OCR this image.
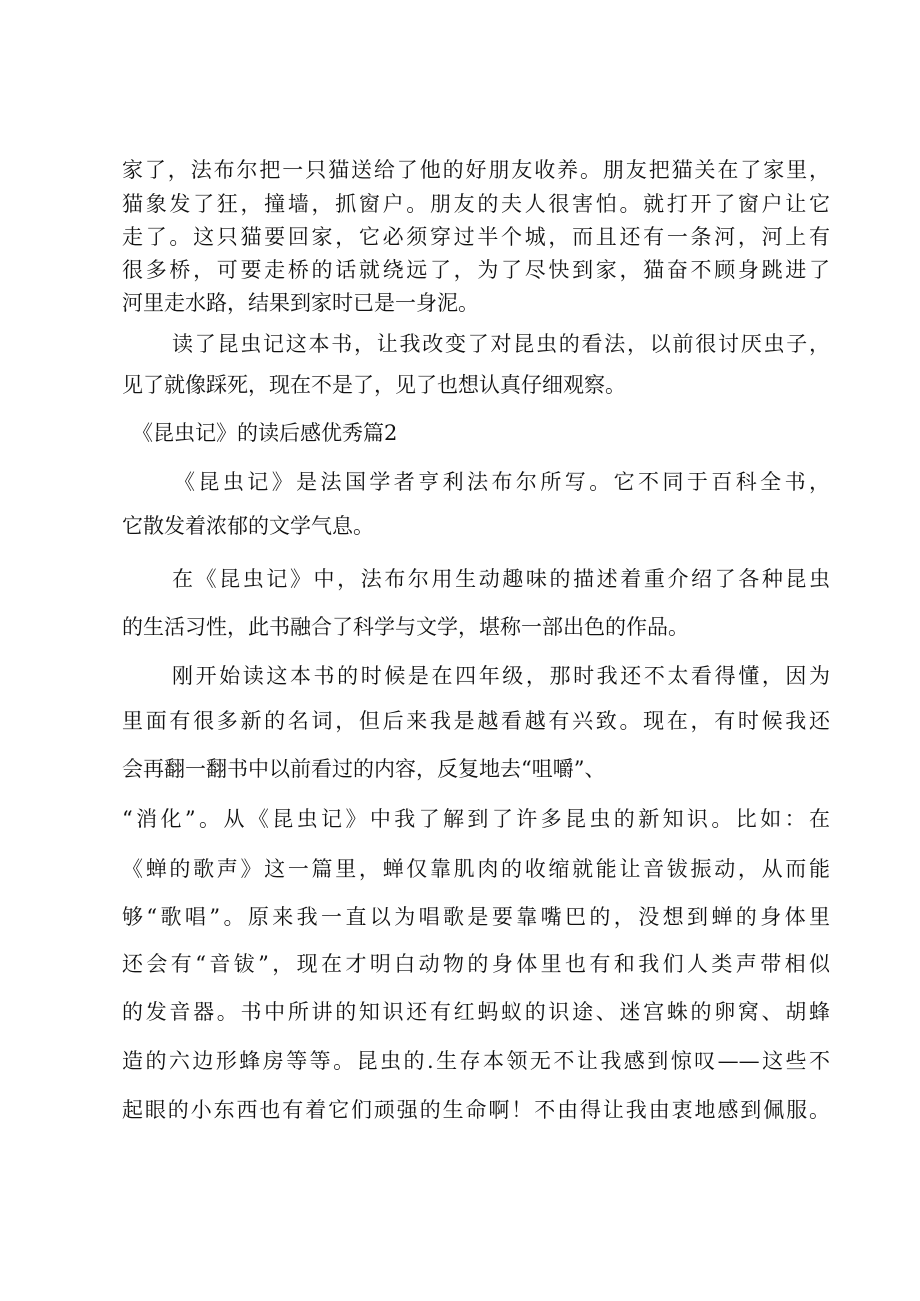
家了，法布尔把一只猫送给了他的好朋友收养。朋友把猫关在了家里，
猫象发了狂，撞墙，抓窗户。朋友的夫人很害怕。就打开了窗户让它
走了。这只猫要回家，它必须穿过半个城，而且还有一条河，河上有
很多桥，可要走桥的话就绕远了，为了尽快到家，猫奋不顾身跳进了
河里走水路，结果到家时已是一身泥。
读了昆虫记这本书，让我改变了对昆虫的看法，以前很讨厌虫子，
见了就像踩死，现在不是了，见了也想认真仔细观察。
《昆虫记》的读后感优秀篇2
《昆虫记》是法国学者亨利法布尔所写。它不同于百科全书，
它散发着浓郁的文学气息。
在《昆虫记》中，法布尔用生动趣味的描述着重介绍了各种昆虫
的生活习性，此书融合了科学与文学，堪称一部出色的作品。
刚开始读这本书的时候是在四年级，那时我还不太看得懂，因为
里面有很多新的名词，但后来我是越看越有兴致。现在，有时候我还
会再翻一翻书中以前看过的内容，反复地去“咀嚼”、
“消化”。从《昆虫记》中我了解到了许多昆虫的新知识。比如：在
《蝉的歌声》这一篇里，蝉仅靠肌肉的收缩就能让音钹振动，从而能
够“歌唱”。原来我一直以为唱歌是要靠嘴巴的，没想到蝉的身体里
还会有“音钹”，现在才明白动物的身体里也有和我们人类声带相似
的发音器。书中所讲的知识还有红蚂蚁的识途、迷宫蛛的卵窝、胡蜂
造的六边形蜂房等等。昆虫的.生存本领无不让我感到惊叹——这些不
起眼的小东西也有着它们顽强的生命啊！不由得让我由衷地感到佩服。
